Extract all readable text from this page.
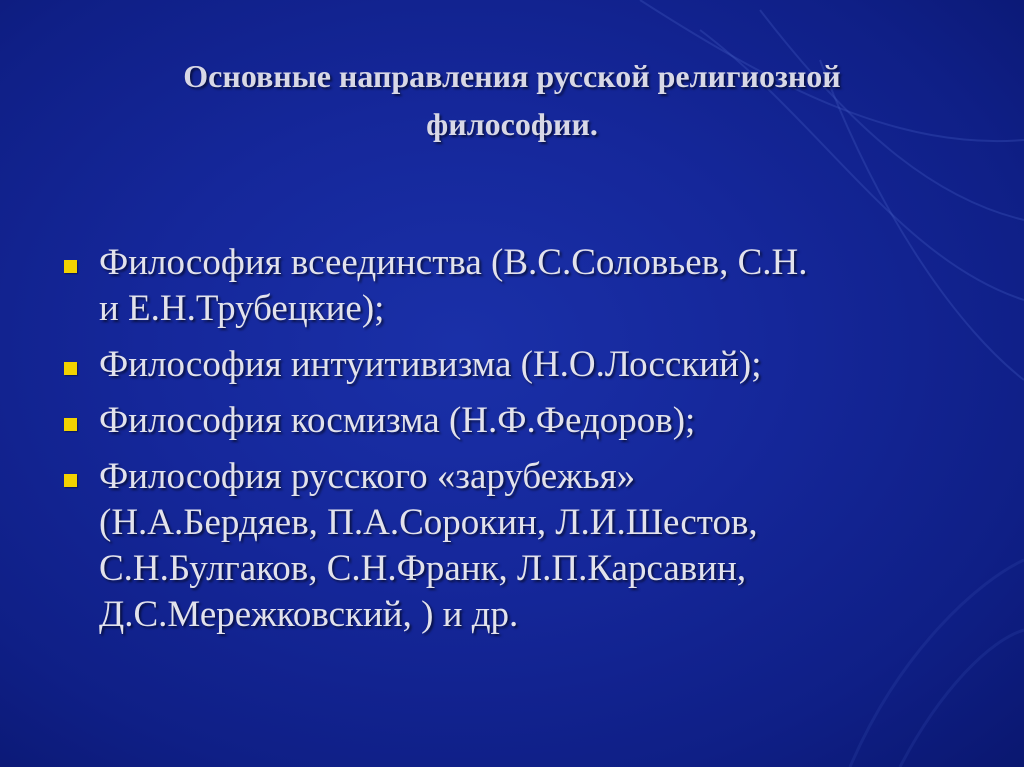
Основные направления русской религиозной
философии.
Философия всеединства (В.С.Соловьев, С.Н.
и Е.Н.Трубецкие);
Философия интуитивизма (Н.О.Лосский);
Философия космизма (Н.Ф.Федоров);
Философия русского «зарубежья»
(Н.А.Бердяев, П.А.Сорокин, Л.И.Шестов,
С.Н.Булгаков, С.Н.Франк, Л.П.Карсавин,
Д.С.Мережковский, ) и др.
